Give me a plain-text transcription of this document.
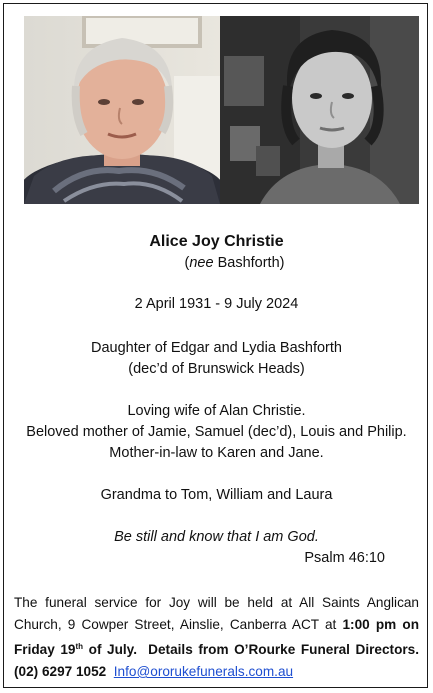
Alice Joy Christie
(nee Bashforth)
2 April 1931 - 9 July 2024
Daughter of Edgar and Lydia Bashforth
(dec’d of Brunswick Heads)
Loving wife of Alan Christie.
Beloved mother of Jamie, Samuel (dec’d), Louis and Philip.
Mother-in-law to Karen and Jane.
Grandma to Tom, William and Laura
Be still and know that I am God.
Psalm 46:10
The funeral service for Joy will be held at All Saints Anglican Church, 9 Cowper Street, Ainslie, Canberra ACT at 1:00 pm on Friday 19th of July. Details from O’Rourke Funeral Directors. (02) 6297 1052 Info@ororukefunerals.com.au
